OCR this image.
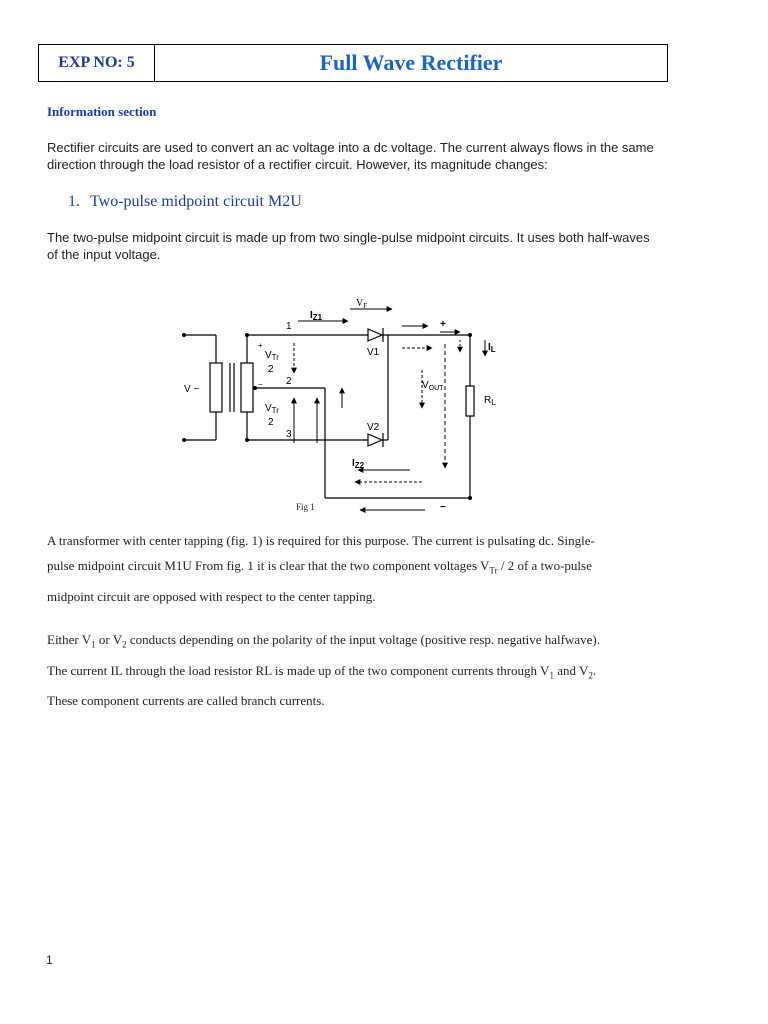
EXP NO: 5	Full Wave Rectifier
Information section
Rectifier circuits are used to convert an ac voltage into a dc voltage. The current always flows in the same
direction through the load resistor of a rectifier circuit. However, its magnitude changes:
1. Two-pulse midpoint circuit M2U
The two-pulse midpoint circuit is made up from two single-pulse midpoint circuits. It uses both half-waves
of the input voltage.
$I_{Z1}$
$V_F$
1
2
3
$V_{Tr}$
2
$V_{Tr}$
2
V ~
V1
V2
$V_{OUT}$
$I_L$
$R_L$
$I_{Z2}$
+
−
+
−
Fig 1
A transformer with center tapping (fig. 1) is required for this purpose. The current is pulsating dc. Single-
pulse midpoint circuit M1U From fig. 1 it is clear that the two component voltages $V_{Tr} / 2$ of a two-pulse
midpoint circuit are opposed with respect to the center tapping.
Either $V_1$ or $V_2$ conducts depending on the polarity of the input voltage (positive resp. negative halfwave).
The current IL through the load resistor RL is made up of the two component currents through $V_1$ and $V_2$.
These component currents are called branch currents.
1
